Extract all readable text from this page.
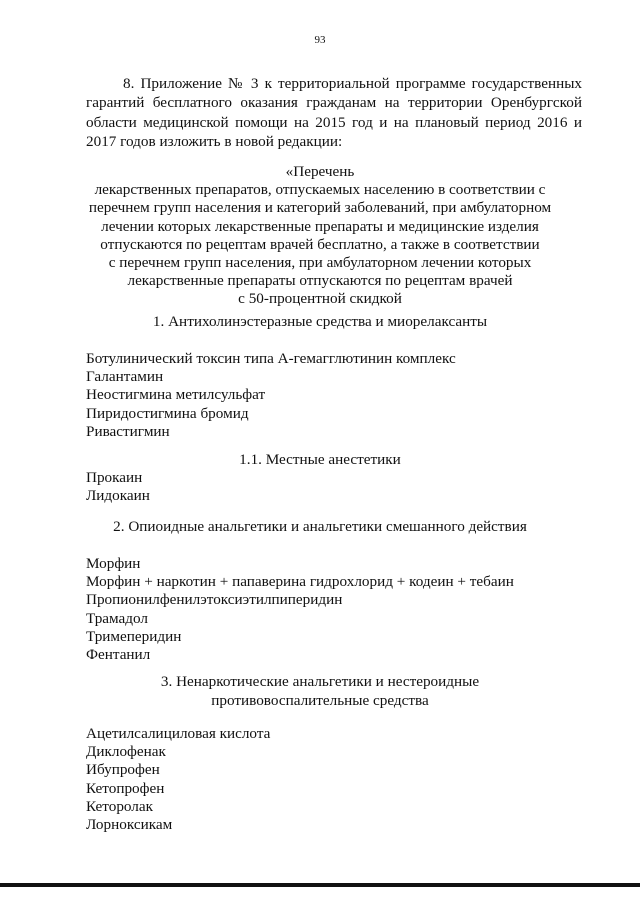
93

8. Приложение № 3 к территориальной программе государственных гарантий бесплатного оказания гражданам на территории Оренбургской области медицинской помощи на 2015 год и на плановый период 2016 и 2017 годов изложить в новой редакции:

«Перечень
лекарственных препаратов, отпускаемых населению в соответствии с
перечнем групп населения и категорий заболеваний, при амбулаторном
лечении которых лекарственные препараты и медицинские изделия
отпускаются по рецептам врачей бесплатно, а также в соответствии
с перечнем групп населения, при амбулаторном лечении которых
лекарственные препараты отпускаются по рецептам врачей
с 50-процентной скидкой
1. Антихолинэстеразные средства и миорелаксанты
Ботулинический токсин типа А-гемагглютинин комплекс
Галантамин
Неостигмина метилсульфат
Пиридостигмина бромид
Ривастигмин
1.1. Местные анестетики
Прокаин
Лидокаин
2. Опиоидные анальгетики и анальгетики смешанного действия
Морфин
Морфин + наркотин + папаверина гидрохлорид + кодеин + тебаин
Пропионилфенилэтоксиэтилпиперидин
Трамадол
Тримеперидин
Фентанил
3. Ненаркотические анальгетики и нестероидные
противовоспалительные средства
Ацетилсалициловая кислота
Диклофенак
Ибупрофен
Кетопрофен
Кеторолак
Лорноксикам
